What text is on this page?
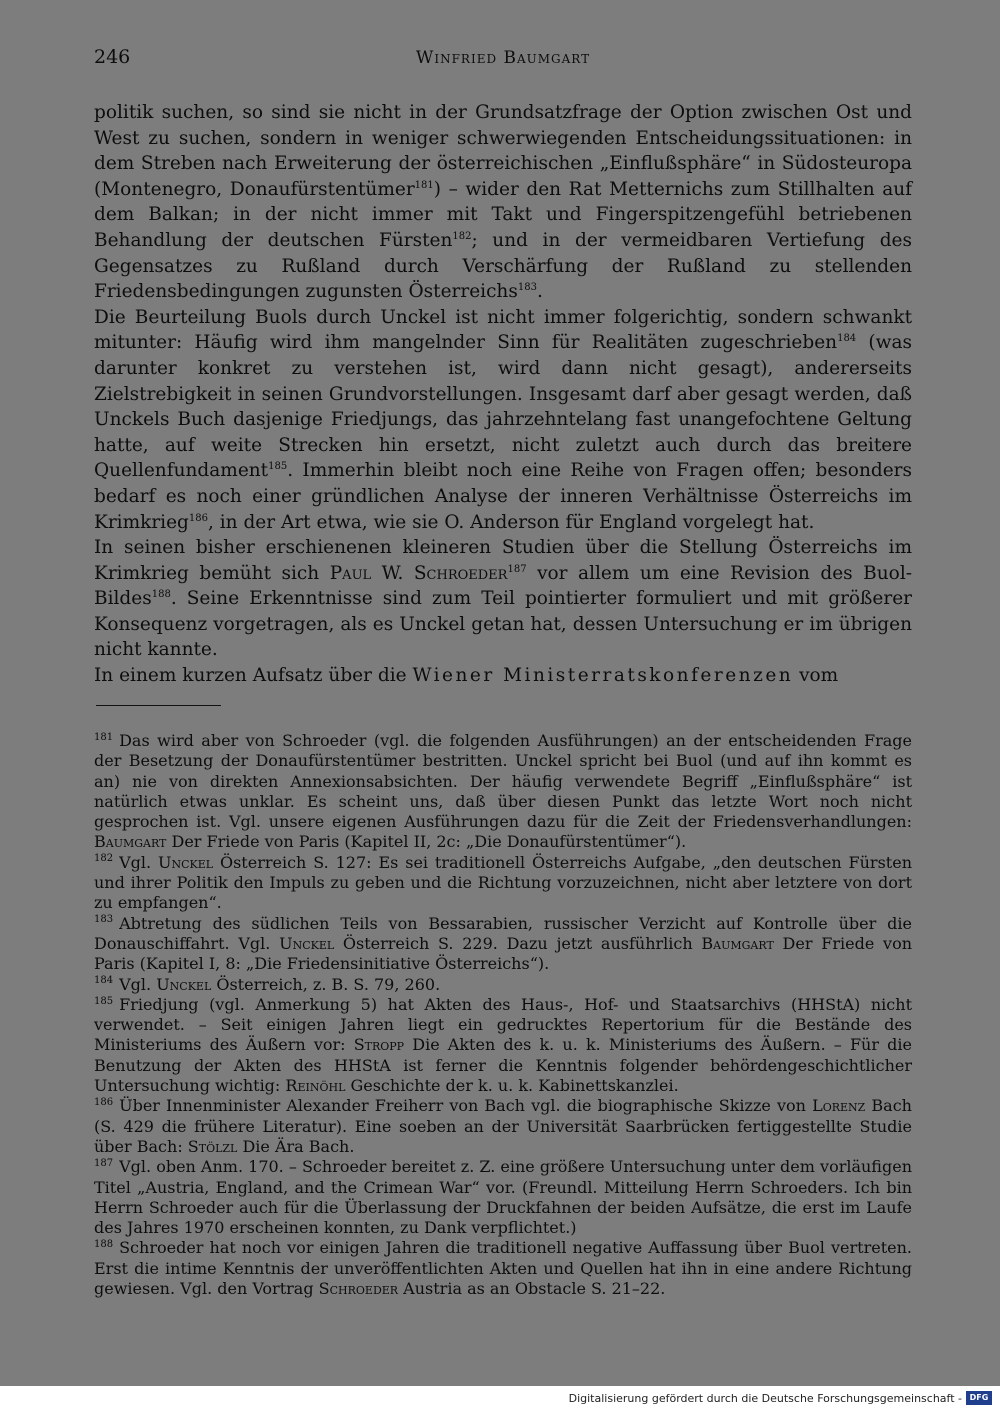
246	Winfried Baumgart

politik suchen, so sind sie nicht in der Grundsatzfrage der Option zwischen Ost und West zu suchen, sondern in weniger schwerwiegenden Entscheidungssituationen: in dem Streben nach Erweiterung der österreichischen „Einflußsphäre“ in Südosteuropa (Montenegro, Donaufürstentümer$^{181}$) – wider den Rat Metternichs zum Stillhalten auf dem Balkan; in der nicht immer mit Takt und Fingerspitzengefühl betriebenen Behandlung der deutschen Fürsten$^{182}$; und in der vermeidbaren Vertiefung des Gegensatzes zu Rußland durch Verschärfung der Rußland zu stellenden Friedensbedingungen zugunsten Österreichs$^{183}$.

Die Beurteilung Buols durch Unckel ist nicht immer folgerichtig, sondern schwankt mitunter: Häufig wird ihm mangelnder Sinn für Realitäten zugeschrieben$^{184}$ (was darunter konkret zu verstehen ist, wird dann nicht gesagt), andererseits Zielstrebigkeit in seinen Grundvorstellungen. Insgesamt darf aber gesagt werden, daß Unckels Buch dasjenige Friedjungs, das jahrzehntelang fast unangefochtene Geltung hatte, auf weite Strecken hin ersetzt, nicht zuletzt auch durch das breitere Quellenfundament$^{185}$. Immerhin bleibt noch eine Reihe von Fragen offen; besonders bedarf es noch einer gründlichen Analyse der inneren Verhältnisse Österreichs im Krimkrieg$^{186}$, in der Art etwa, wie sie O. Anderson für England vorgelegt hat.

In seinen bisher erschienenen kleineren Studien über die Stellung Österreichs im Krimkrieg bemüht sich Paul W. Schroeder$^{187}$ vor allem um eine Revision des Buol-Bildes$^{188}$. Seine Erkenntnisse sind zum Teil pointierter formuliert und mit größerer Konsequenz vorgetragen, als es Unckel getan hat, dessen Untersuchung er im übrigen nicht kannte.

In einem kurzen Aufsatz über die Wiener Ministerratskonferenzen vom

$^{181}$ Das wird aber von Schroeder (vgl. die folgenden Ausführungen) an der entscheidenden Frage der Besetzung der Donaufürstentümer bestritten. Unckel spricht bei Buol (und auf ihn kommt es an) nie von direkten Annexionsabsichten. Der häufig verwendete Begriff „Einflußsphäre“ ist natürlich etwas unklar. Es scheint uns, daß über diesen Punkt das letzte Wort noch nicht gesprochen ist. Vgl. unsere eigenen Ausführungen dazu für die Zeit der Friedensverhandlungen: Baumgart Der Friede von Paris (Kapitel II, 2c: „Die Donaufürstentümer“).

$^{182}$ Vgl. Unckel Österreich S. 127: Es sei traditionell Österreichs Aufgabe, „den deutschen Fürsten und ihrer Politik den Impuls zu geben und die Richtung vorzuzeichnen, nicht aber letztere von dort zu empfangen“.

$^{183}$ Abtretung des südlichen Teils von Bessarabien, russischer Verzicht auf Kontrolle über die Donauschiffahrt. Vgl. Unckel Österreich S. 229. Dazu jetzt ausführlich Baumgart Der Friede von Paris (Kapitel I, 8: „Die Friedensinitiative Österreichs“).

$^{184}$ Vgl. Unckel Österreich, z. B. S. 79, 260.

$^{185}$ Friedjung (vgl. Anmerkung 5) hat Akten des Haus-, Hof- und Staatsarchivs (HHStA) nicht verwendet. – Seit einigen Jahren liegt ein gedrucktes Repertorium für die Bestände des Ministeriums des Äußern vor: Stropp Die Akten des k. u. k. Ministeriums des Äußern. – Für die Benutzung der Akten des HHStA ist ferner die Kenntnis folgender behördengeschichtlicher Untersuchung wichtig: Reinöhl Geschichte der k. u. k. Kabinettskanzlei.

$^{186}$ Über Innenminister Alexander Freiherr von Bach vgl. die biographische Skizze von Lorenz Bach (S. 429 die frühere Literatur). Eine soeben an der Universität Saarbrücken fertiggestellte Studie über Bach: Stölzl Die Ära Bach.

$^{187}$ Vgl. oben Anm. 170. – Schroeder bereitet z. Z. eine größere Untersuchung unter dem vorläufigen Titel „Austria, England, and the Crimean War“ vor. (Freundl. Mitteilung Herrn Schroeders. Ich bin Herrn Schroeder auch für die Überlassung der Druckfahnen der beiden Aufsätze, die erst im Laufe des Jahres 1970 erscheinen konnten, zu Dank verpflichtet.)

$^{188}$ Schroeder hat noch vor einigen Jahren die traditionell negative Auffassung über Buol vertreten. Erst die intime Kenntnis der unveröffentlichten Akten und Quellen hat ihn in eine andere Richtung gewiesen. Vgl. den Vortrag Schroeder Austria as an Obstacle S. 21–22.

Digitalisierung gefördert durch die Deutsche Forschungsgemeinschaft - DFG
